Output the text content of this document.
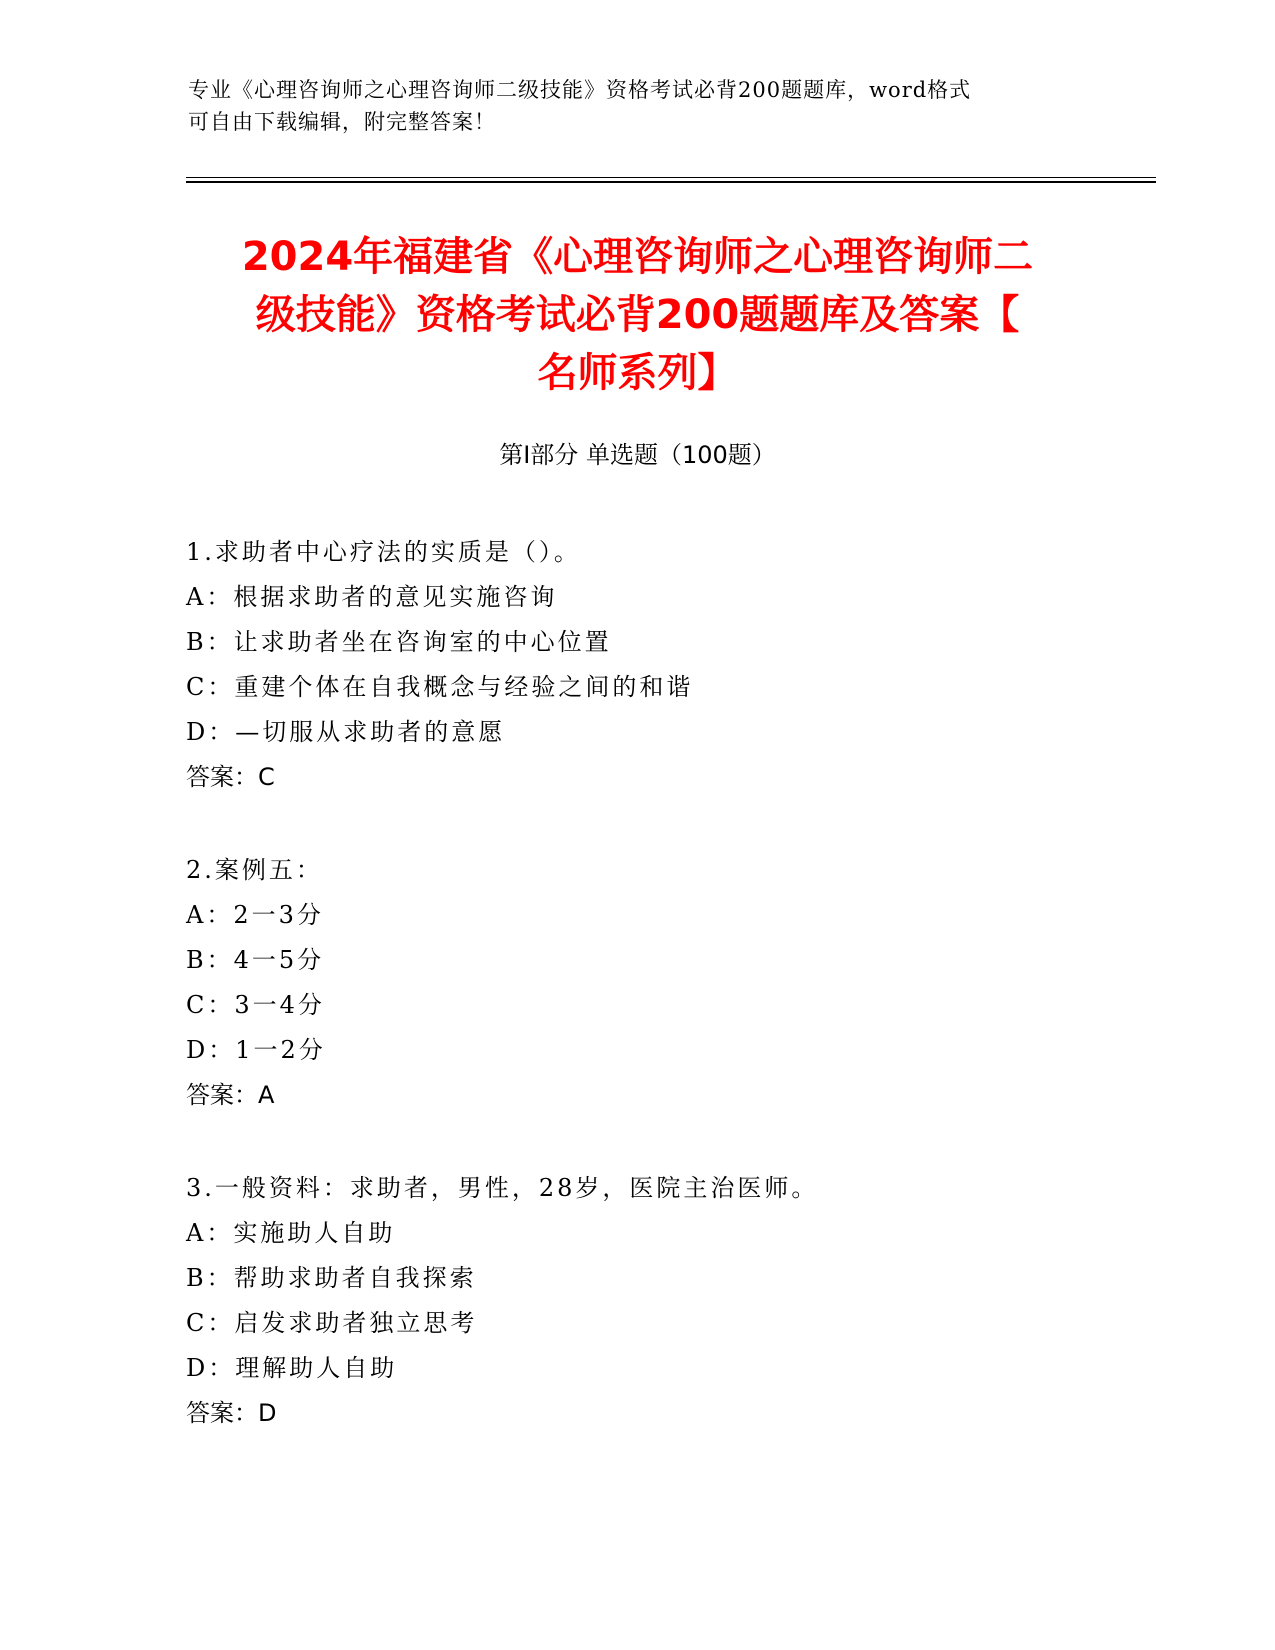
专业《心理咨询师之心理咨询师二级技能》资格考试必背200题题库，word格式
可自由下载编辑，附完整答案！
2024年福建省《心理咨询师之心理咨询师二
级技能》资格考试必背200题题库及答案【
名师系列】
第I部分 单选题（100题）
1.求助者中心疗法的实质是（）。
A：根据求助者的意见实施咨询
B：让求助者坐在咨询室的中心位置
C：重建个体在自我概念与经验之间的和谐
D：—切服从求助者的意愿
答案：C
2.案例五：
A：2一3分
B：4一5分
C：3一4分
D：1一2分
答案：A
3.一般资料：求助者，男性，28岁，医院主治医师。
A：实施助人自助
B：帮助求助者自我探索
C：启发求助者独立思考
D：理解助人自助
答案：D
